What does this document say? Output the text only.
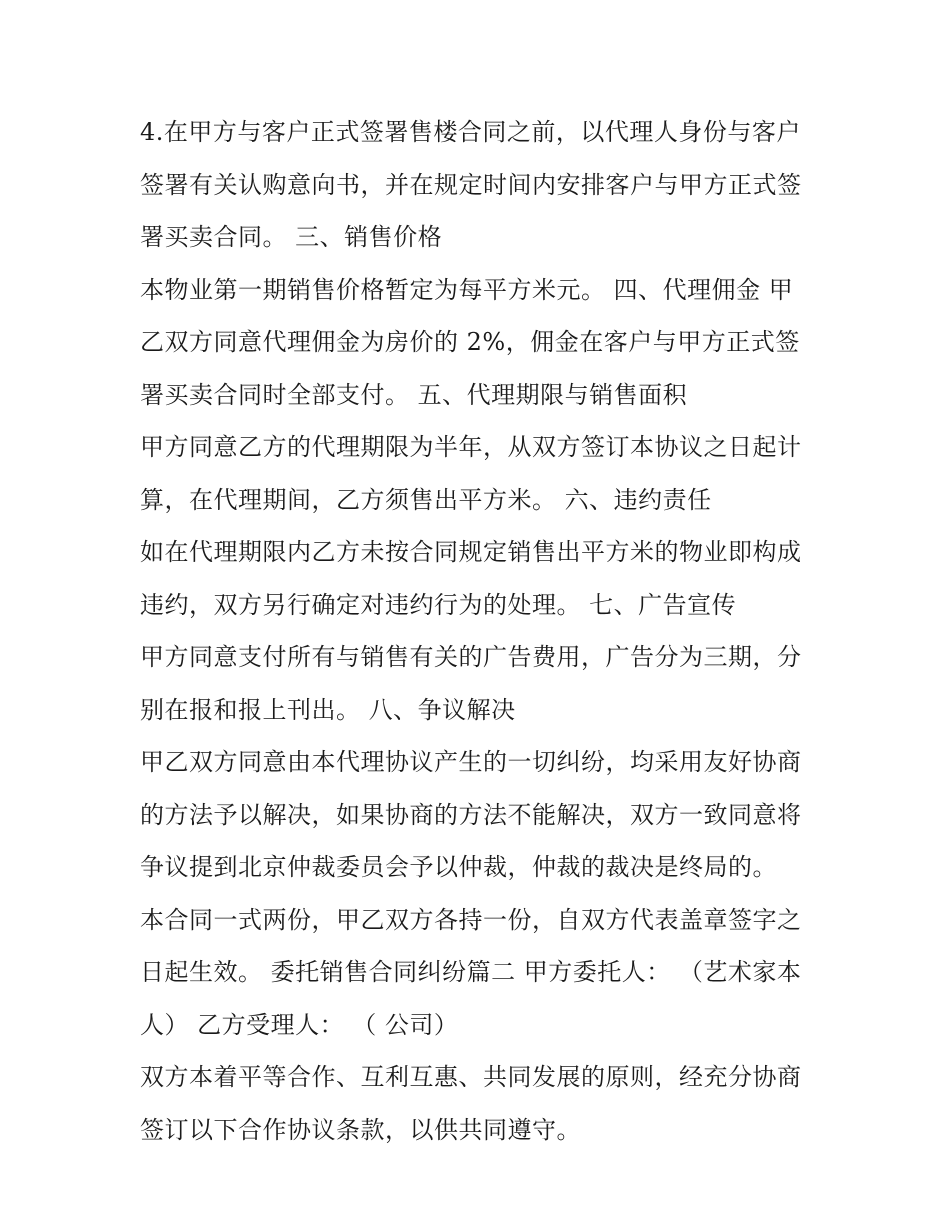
4.在甲方与客户正式签署售楼合同之前，以代理人身份与客户
签署有关认购意向书，并在规定时间内安排客户与甲方正式签
署买卖合同。 三、销售价格
本物业第一期销售价格暂定为每平方米元。 四、代理佣金 甲
乙双方同意代理佣金为房价的 2%，佣金在客户与甲方正式签
署买卖合同时全部支付。 五、代理期限与销售面积
甲方同意乙方的代理期限为半年，从双方签订本协议之日起计
算，在代理期间，乙方须售出平方米。 六、违约责任
如在代理期限内乙方未按合同规定销售出平方米的物业即构成
违约，双方另行确定对违约行为的处理。 七、广告宣传
甲方同意支付所有与销售有关的广告费用，广告分为三期，分
别在报和报上刊出。 八、争议解决
甲乙双方同意由本代理协议产生的一切纠纷，均采用友好协商
的方法予以解决，如果协商的方法不能解决，双方一致同意将
争议提到北京仲裁委员会予以仲裁，仲裁的裁决是终局的。
本合同一式两份，甲乙双方各持一份，自双方代表盖章签字之
日起生效。 委托销售合同纠纷篇二 甲方委托人： （艺术家本
人） 乙方受理人： （ 公司）
双方本着平等合作、互利互惠、共同发展的原则，经充分协商
签订以下合作协议条款，以供共同遵守。
